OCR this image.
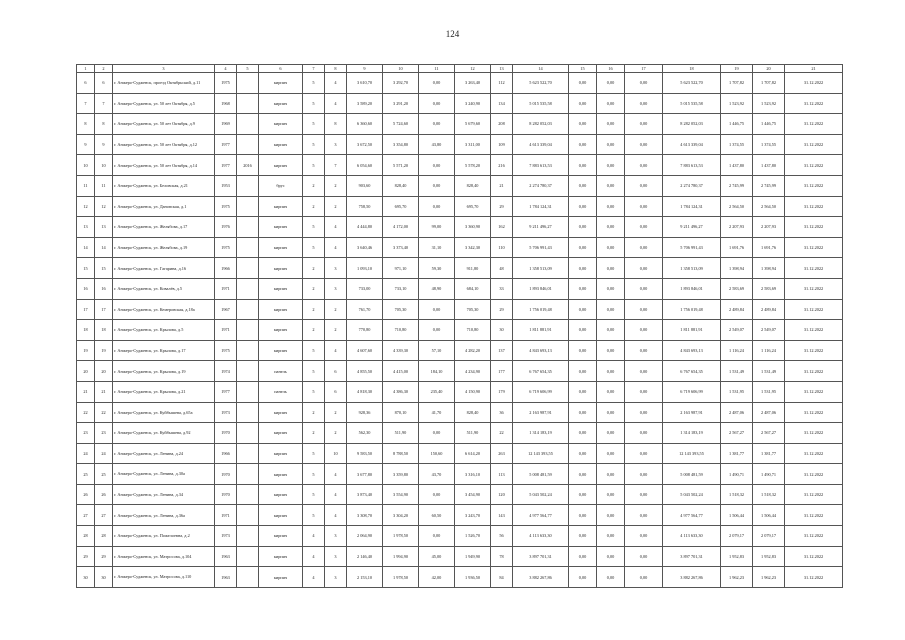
124
1	2	3	4	5	6	7	8	9	10	11	12	13	14	15	16	17	18	19	20	21
6	6	г. Анжеро-Судженск, проезд Октябрьский, д.11	1975		кирпич	5	4	3 610,70	3 292,70	0,00	3 263,40	112	5 623 522,70	0,00	0,00	0,00	5 623 522,70	1 707,82	1 707,82	31.12.2022
7	7	г. Анжеро-Судженск, ул. 50 лет Октября, д.5	1968		кирпич	5	4	3 589,20	3 291,20	0,00	3 240,90	134	5 015 535,58	0,00	0,00	0,00	5 015 535,58	1 523,92	1 523,92	31.12.2022
8	8	г. Анжеро-Судженск, ул. 50 лет Октября, д.9	1969		кирпич	5	8	6 360,60	5 724,60	0,00	5 679,60	208	8 282 052,03	0,00	0,00	0,00	8 282 052,03	1 446,75	1 446,75	31.12.2022
9	9	г. Анжеро-Судженск, ул. 50 лет Октября, д.12	1977		кирпич	5	3	3 672,50	3 354,80	43,80	3 311,00	109	4 613 339,04	0,00	0,00	0,00	4 613 339,04	1 374,55	1 374,55	31.12.2022
10	10	г. Анжеро-Судженск, ул. 50 лет Октября, д.14	1977	2016	кирпич	5	7	6 054,60	5 571,20	0,00	5 578,20	216	7 883 613,53	0,00	0,00	0,00	7 883 613,53	1 437,80	1 437,80	31.12.2022
11	11	г. Анжеро-Судженск, ул. Беловская, д.21	1953		брус	2	2	903,60	828,40	0,00	828,40	21	2 274 780,37	0,00	0,00	0,00	2 274 780,37	2 745,99	2 745,99	31.12.2022
12	12	г. Анжеро-Судженск, ул. Дановская, д.1	1975		кирпич	2	2	758,50	695,70	0,00	695,70	29	1 784 124,31	0,00	0,00	0,00	1 784 124,31	2 564,50	2 564,50	31.12.2022
13	13	г. Анжеро-Судженск, ул. Желябова, д.17	1976		кирпич	5	4	4 444,80	4 172,00	99,00	3 360,90	162	9 211 496,27	0,00	0,00	0,00	9 211 496,27	2 207,93	2 207,93	31.12.2022
14	14	г. Анжеро-Судженск, ул. Желябова, д.19	1975		кирпич	5	4	3 640,46	3 373,40	31,10	3 342,30	110	5 706 991,43	0,00	0,00	0,00	5 706 991,43	1 691,76	1 691,76	31.12.2022
15	15	г. Анжеро-Судженск, ул. Гагарина, д.16	1966		кирпич	2	3	1 093,10	971,10	59,30	911,80	48	1 358 513,09	0,00	0,00	0,00	1 358 513,09	1 398,94	1 398,94	31.12.2022
16	16	г. Анжеро-Судженск, ул. Ковалёв, д.5	1971		кирпич	2	3	733,00	733,10	48,90	684,10	33	1 893 846,01	0,00	0,00	0,00	1 893 846,01	2 583,69	2 583,69	31.12.2022
17	17	г. Анжеро-Судженск, ул. Кемеровская, д.18а	1967		кирпич	2	2	761,70	705,30	0,00	705,30	29	1 756 019,48	0,00	0,00	0,00	1 756 019,48	2 489,84	2 489,84	31.12.2022
18	18	г. Анжеро-Судженск, ул. Крылова, д.5	1971		кирпич	2	2	770,80	710,80	0,00	710,80	30	1 811 881,91	0,00	0,00	0,00	1 811 881,91	2 549,07	2 549,07	31.12.2022
19	19	г. Анжеро-Судженск, ул. Крылова, д.17	1975		кирпич	5	4	4 607,60	4 339,30	57,10	4 282,20	137	4 843 693,13	0,00	0,00	0,00	4 843 693,13	1 116,24	1 116,24	31.12.2022
20	20	г. Анжеро-Судженск, ул. Крылова, д.19	1974		панель	5	6	4 855,50	4 415,00	184,10	4 234,90	177	6 767 654,35	0,00	0,00	0,00	6 767 654,35	1 531,49	1 531,49	31.12.2022
21	21	г. Анжеро-Судженск, ул. Крылова, д.21	1977		панель	5	6	4 818,30	4 386,30	235,40	4 150,90	179	6 719 606,99	0,00	0,00	0,00	6 719 606,99	1 531,95	1 531,95	31.12.2022
22	22	г. Анжеро-Судженск, ул. Куйбышева, д.65а	1973		кирпич	2	2	928,36	870,10	41,70	828,40	36	2 163 987,91	0,00	0,00	0,00	2 163 987,91	2 487,06	2 487,06	31.12.2022
23	23	г. Анжеро-Судженск, ул. Куйбышева, д.92	1970		кирпич	2	2	562,30	511,90	0,00	511,90	22	1 314 183,19	0,00	0,00	0,00	1 314 183,19	2 567,27	2 567,27	31.12.2022
24	24	г. Анжеро-Судженск, ул. Ленина, д.24	1966		кирпич	5	10	9 583,50	8 788,50	150,60	6 614,20	263	12 143 393,55	0,00	0,00	0,00	12 143 393,55	1 381,77	1 381,77	31.12.2022
25	25	г. Анжеро-Судженск, ул. Ленина, д.30а	1970		кирпич	5	4	3 677,80	3 359,80	43,70	3 316,10	113	5 008 481,59	0,00	0,00	0,00	5 008 481,59	1 490,71	1 490,71	31.12.2022
26	26	г. Анжеро-Судженск, ул. Ленина, д.34	1970		кирпич	5	4	3 873,40	3 554,90	0,00	3 454,90	120	5 043 502,24	0,00	0,00	0,00	5 043 502,24	1 518,32	1 518,32	31.12.2022
27	27	г. Анжеро-Судженск, ул. Ленина, д.36а	1971		кирпич	5	4	3 308,70	3 304,20	60,50	3 243,70	143	4 977 564,77	0,00	0,00	0,00	4 977 564,77	1 506,44	1 506,44	31.12.2022
28	28	г. Анжеро-Судженск, ул. Пожелоевна, д.2	1973		кирпич	4	3	2 064,90	1 978,50	0,00	1 526,70	56	4 113 633,30	0,00	0,00	0,00	4 113 633,30	2 079,17	2 079,17	31.12.2022
29	29	г. Анжеро-Судженск, ул. Матросова, д.104	1963		кирпич	4	3	2 146,40	1 994,90	45,00	1 949,90	78	3 897 701,31	0,00	0,00	0,00	3 897 701,31	1 952,83	1 952,83	31.12.2022
30	30	г. Анжеро-Судженск, ул. Матросова, д.110	1963		кирпич	4	3	2 153,10	1 978,50	42,00	1 936,50	84	3 882 267,86	0,00	0,00	0,00	3 882 267,86	1 962,23	1 962,23	31.12.2022
